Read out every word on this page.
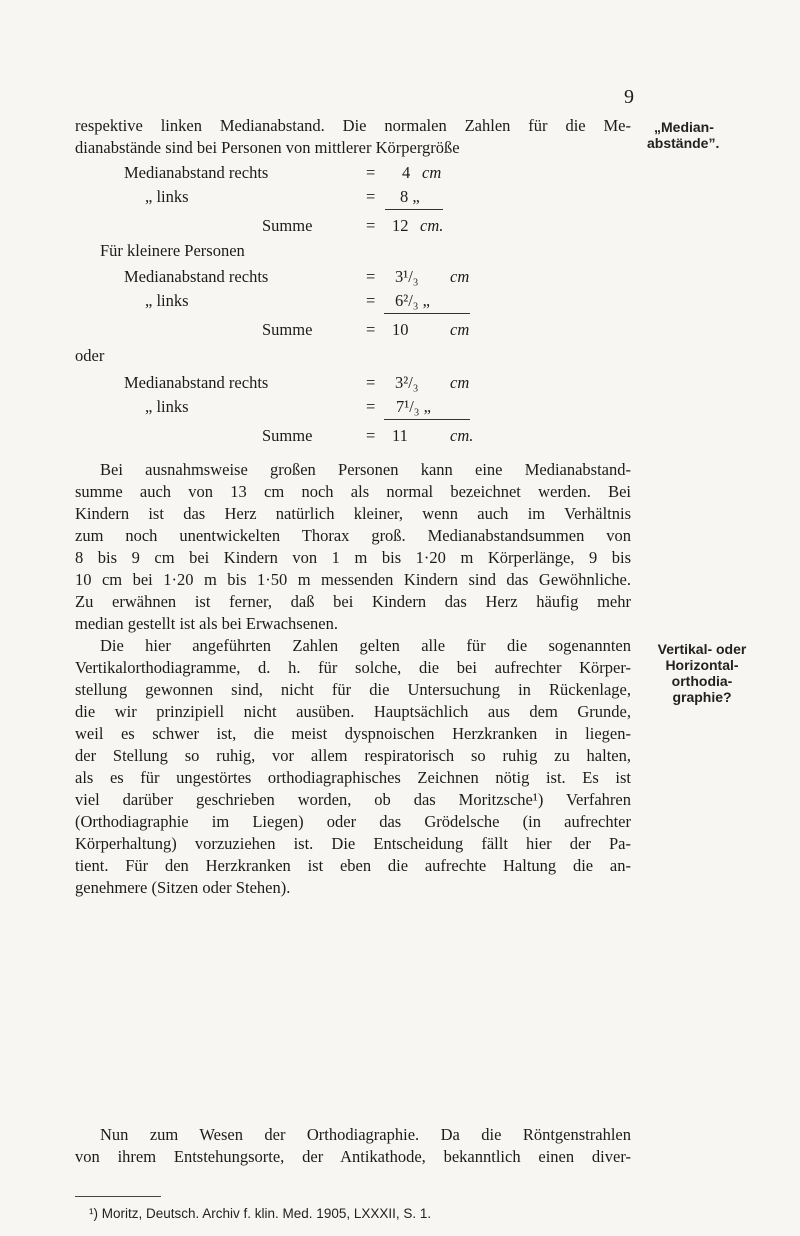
9
respektive linken Medianabstand. Die normalen Zahlen für die Me-
dianabstände sind bei Personen von mittlerer Körpergröße
„Median-
abstände”.
Medianabstand rechts	= 4 cm
„ links	= 8 „
Summe	= 12 cm.
Für kleinere Personen
Medianabstand rechts	= 3¹/₃ cm
„ links	= 6²/₃ „
Summe	= 10	cm
oder
Medianabstand rechts	= 3²/₃ cm
„ links	= 7¹/₃ „
Summe	= 11	cm.
Bei ausnahmsweise großen Personen kann eine Medianabstand-
summe auch von 13 cm noch als normal bezeichnet werden. Bei
Kindern ist das Herz natürlich kleiner, wenn auch im Verhältnis
zum noch unentwickelten Thorax groß. Medianabstandsummen von
8 bis 9 cm bei Kindern von 1 m bis 1·20 m Körperlänge, 9 bis
10 cm bei 1·20 m bis 1·50 m messenden Kindern sind das Gewöhnliche.
Zu erwähnen ist ferner, daß bei Kindern das Herz häufig mehr
median gestellt ist als bei Erwachsenen.
Die hier angeführten Zahlen gelten alle für die sogenannten
Vertikalorthodiagramme, d. h. für solche, die bei aufrechter Körper-
stellung gewonnen sind, nicht für die Untersuchung in Rückenlage,
die wir prinzipiell nicht ausüben. Hauptsächlich aus dem Grunde,
weil es schwer ist, die meist dyspnoischen Herzkranken in liegen-
der Stellung so ruhig, vor allem respiratorisch so ruhig zu halten,
als es für ungestörtes orthodiagraphisches Zeichnen nötig ist. Es ist
viel darüber geschrieben worden, ob das Moritzsche¹) Verfahren
(Orthodiagraphie im Liegen) oder das Grödelsche (in aufrechter
Körperhaltung) vorzuziehen ist. Die Entscheidung fällt hier der Pa-
tient. Für den Herzkranken ist eben die aufrechte Haltung die an-
genehmere (Sitzen oder Stehen).
Vertikal- oder
Horizontal-
orthodia-
graphie?
Nun zum Wesen der Orthodiagraphie. Da die Röntgenstrahlen
von ihrem Entstehungsorte, der Antikathode, bekanntlich einen diver-
¹) Moritz, Deutsch. Archiv f. klin. Med. 1905, LXXXII, S. 1.
